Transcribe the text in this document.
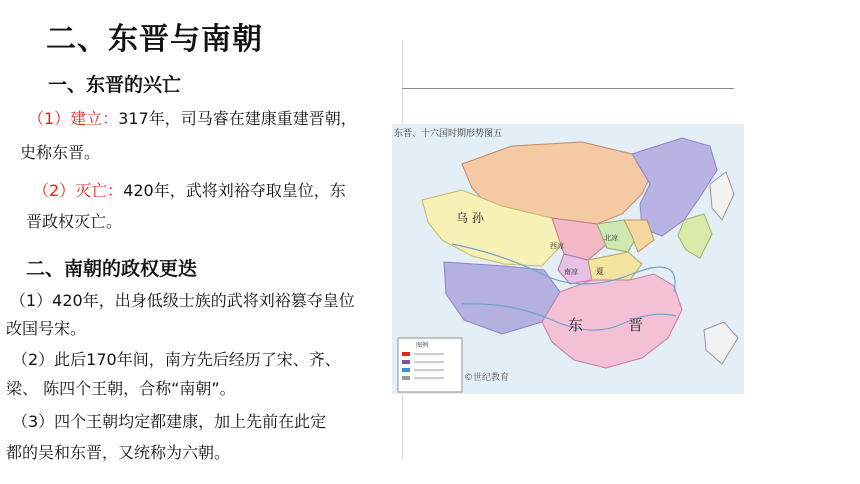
二、东晋与南朝
一、东晋的兴亡
（1）建立：317年，司马睿在建康重建晋朝，
史称东晋。
（2）灭亡：420年，武将刘裕夺取皇位，东
晋政权灭亡。
二、南朝的政权更迭
（1）420年，出身低级士族的武将刘裕篡夺皇位
改国号宋。
（2）此后170年间，南方先后经历了宋、齐、
梁、 陈四个王朝，合称“南朝”。
（3）四个王朝均定都建康，加上先前在此定
都的吴和东晋，又统称为六朝。
东晋、十六国时期形势图五
乌 孙
东	晋
西凉
北凉
夏
南凉
图例
©世纪教育
